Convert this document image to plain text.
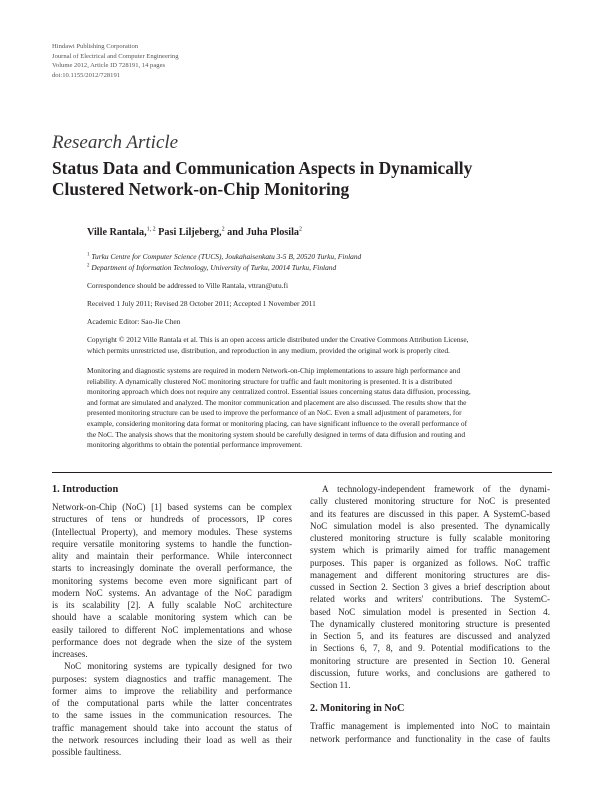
Hindawi Publishing Corporation
Journal of Electrical and Computer Engineering
Volume 2012, Article ID 728191, 14 pages
doi:10.1155/2012/728191
Research Article
Status Data and Communication Aspects in Dynamically
Clustered Network-on-Chip Monitoring
Ville Rantala,$^{1, 2}$ Pasi Liljeberg,$^2$ and Juha Plosila$^2$
$^1$ Turku Centre for Computer Science (TUCS), Joukahaisenkatu 3-5 B, 20520 Turku, Finland
$^2$ Department of Information Technology, University of Turku, 20014 Turku, Finland
Correspondence should be addressed to Ville Rantala, vttran@utu.fi
Received 1 July 2011; Revised 28 October 2011; Accepted 1 November 2011
Academic Editor: Sao-Jie Chen
Copyright © 2012 Ville Rantala et al. This is an open access article distributed under the Creative Commons Attribution License,
which permits unrestricted use, distribution, and reproduction in any medium, provided the original work is properly cited.
Monitoring and diagnostic systems are required in modern Network-on-Chip implementations to assure high performance and
reliability. A dynamically clustered NoC monitoring structure for traffic and fault monitoring is presented. It is a distributed
monitoring approach which does not require any centralized control. Essential issues concerning status data diffusion, processing,
and format are simulated and analyzed. The monitor communication and placement are also discussed. The results show that the
presented monitoring structure can be used to improve the performance of an NoC. Even a small adjustment of parameters, for
example, considering monitoring data format or monitoring placing, can have significant influence to the overall performance of
the NoC. The analysis shows that the monitoring system should be carefully designed in terms of data diffusion and routing and
monitoring algorithms to obtain the potential performance improvement.
1. Introduction
Network-on-Chip (NoC) [1] based systems can be complex
structures of tens or hundreds of processors, IP cores
(Intellectual Property), and memory modules. These systems
require versatile monitoring systems to handle the function-
ality and maintain their performance. While interconnect
starts to increasingly dominate the overall performance, the
monitoring systems become even more significant part of
modern NoC systems. An advantage of the NoC paradigm
is its scalability [2]. A fully scalable NoC architecture
should have a scalable monitoring system which can be
easily tailored to different NoC implementations and whose
performance does not degrade when the size of the system
increases.
NoC monitoring systems are typically designed for two
purposes: system diagnostics and traffic management. The
former aims to improve the reliability and performance
of the computational parts while the latter concentrates
to the same issues in the communication resources. The
traffic management should take into account the status of
the network resources including their load as well as their
possible faultiness.
A technology-independent framework of the dynami-
cally clustered monitoring structure for NoC is presented
and its features are discussed in this paper. A SystemC-based
NoC simulation model is also presented. The dynamically
clustered monitoring structure is fully scalable monitoring
system which is primarily aimed for traffic management
purposes. This paper is organized as follows. NoC traffic
management and different monitoring structures are dis-
cussed in Section 2. Section 3 gives a brief description about
related works and writers' contributions. The SystemC-
based NoC simulation model is presented in Section 4.
The dynamically clustered monitoring structure is presented
in Section 5, and its features are discussed and analyzed
in Sections 6, 7, 8, and 9. Potential modifications to the
monitoring structure are presented in Section 10. General
discussion, future works, and conclusions are gathered to
Section 11.
2. Monitoring in NoC
Traffic management is implemented into NoC to maintain
network performance and functionality in the case of faults
